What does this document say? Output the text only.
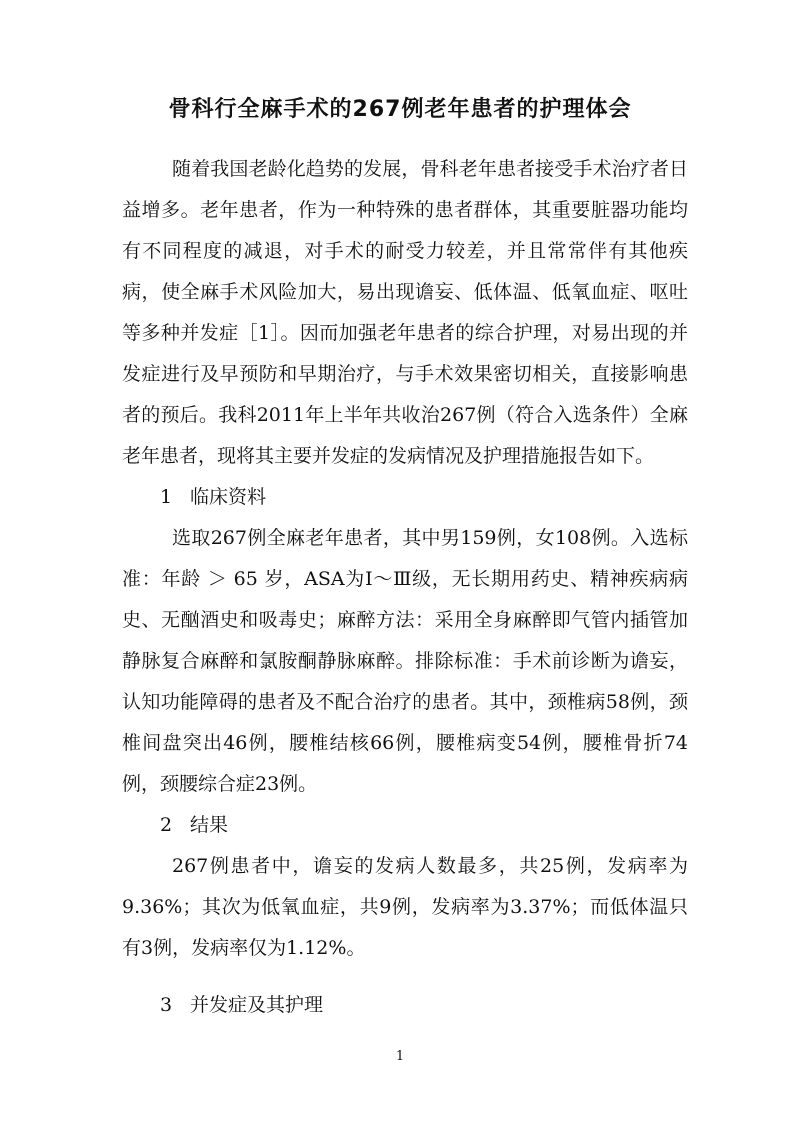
骨科行全麻手术的267例老年患者的护理体会

随着我国老龄化趋势的发展，骨科老年患者接受手术治疗者日益增多。老年患者，作为一种特殊的患者群体，其重要脏器功能均有不同程度的减退，对手术的耐受力较差，并且常常伴有其他疾病，使全麻手术风险加大，易出现谵妄、低体温、低氧血症、呕吐等多种并发症［1］。因而加强老年患者的综合护理，对易出现的并发症进行及早预防和早期治疗，与手术效果密切相关，直接影响患者的预后。我科2011年上半年共收治267例（符合入选条件）全麻老年患者，现将其主要并发症的发病情况及护理措施报告如下。

1 临床资料

选取267例全麻老年患者，其中男159例，女108例。入选标准：年龄 ＞ 65 岁，ASA为Ⅰ～Ⅲ级，无长期用药史、精神疾病病史、无酗酒史和吸毒史；麻醉方法：采用全身麻醉即气管内插管加静脉复合麻醉和氯胺酮静脉麻醉。排除标准：手术前诊断为谵妄，认知功能障碍的患者及不配合治疗的患者。其中，颈椎病58例，颈椎间盘突出46例，腰椎结核66例，腰椎病变54例，腰椎骨折74例，颈腰综合症23例。

2 结果

267例患者中，谵妄的发病人数最多，共25例，发病率为9.36%；其次为低氧血症，共9例，发病率为3.37%；而低体温只有3例，发病率仅为1.12%。

3 并发症及其护理

1
